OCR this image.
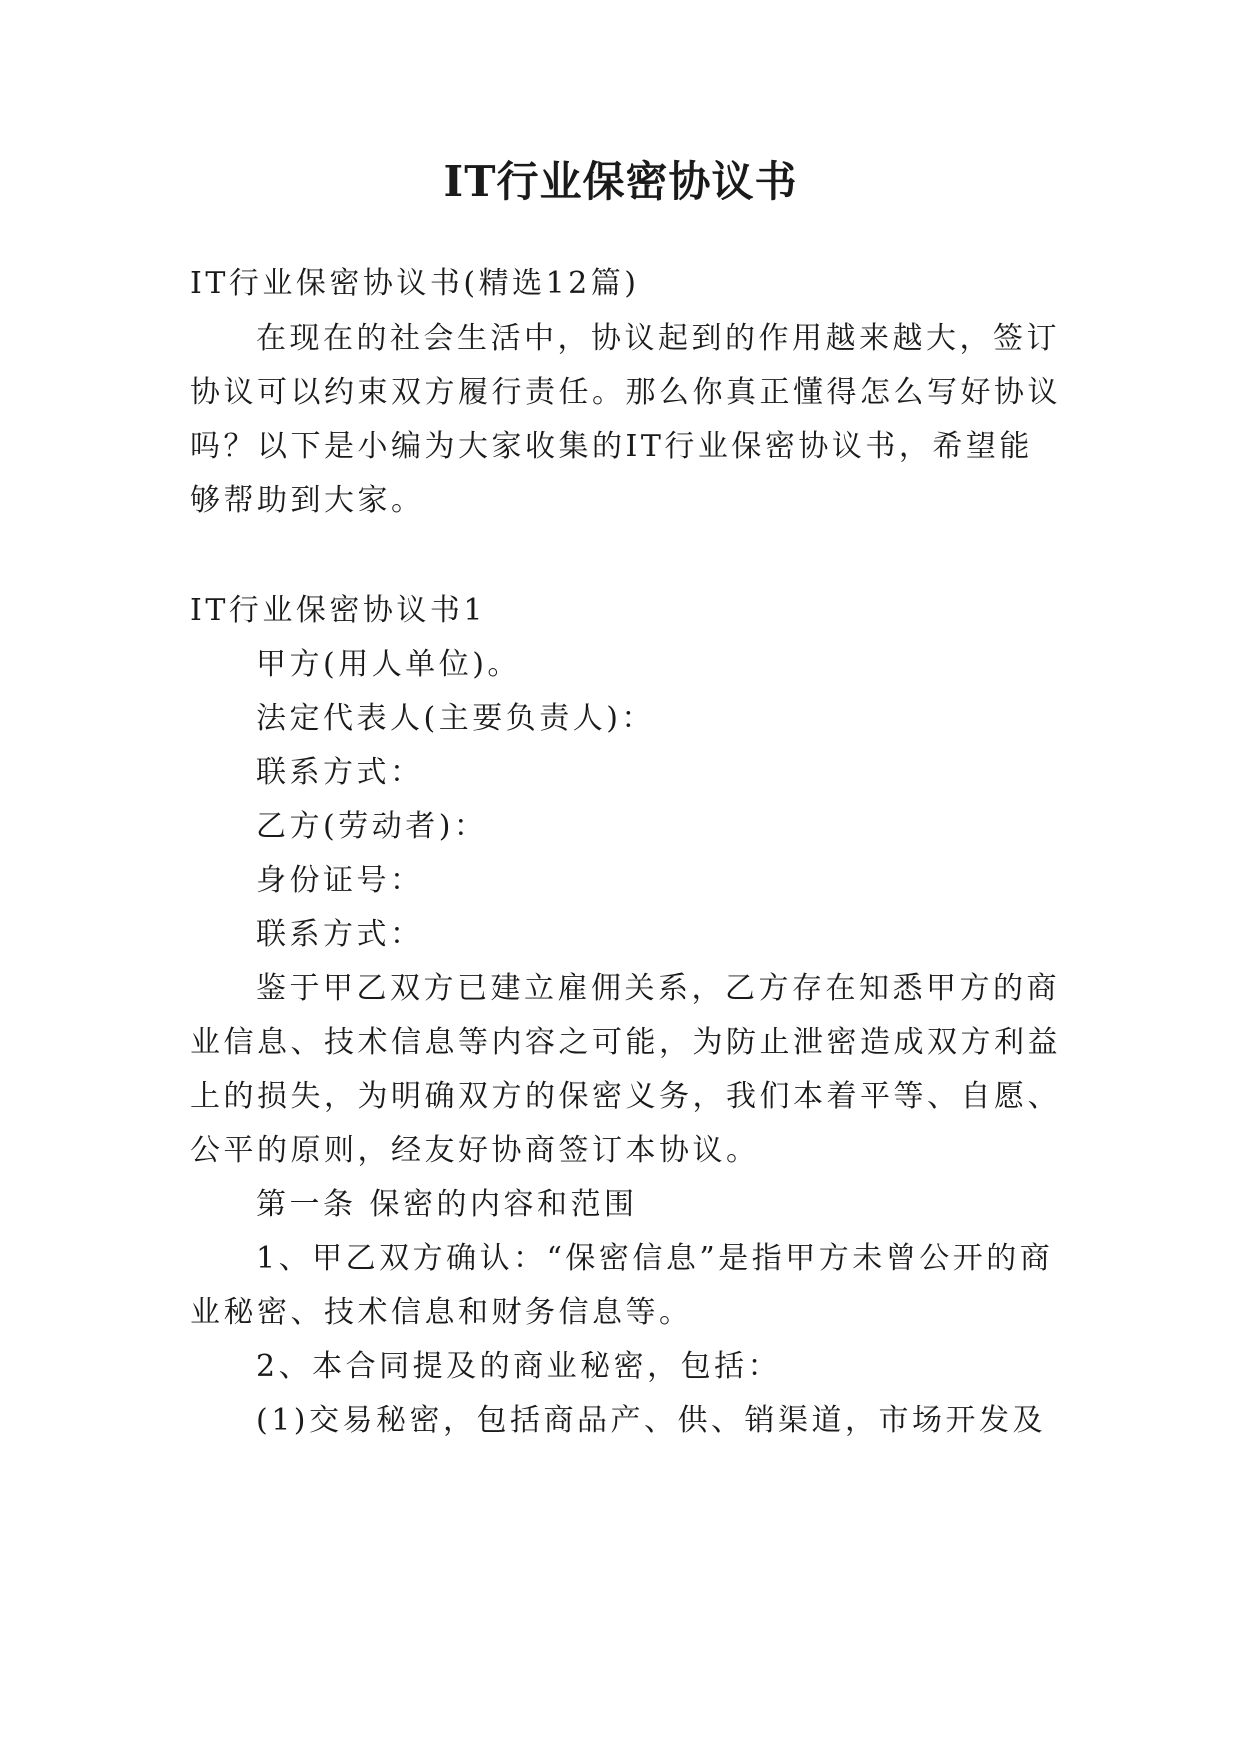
IT行业保密协议书
IT行业保密协议书(精选12篇)
在现在的社会生活中，协议起到的作用越来越大，签订
协议可以约束双方履行责任。那么你真正懂得怎么写好协议
吗？以下是小编为大家收集的IT行业保密协议书，希望能
够帮助到大家。
IT行业保密协议书1
甲方(用人单位)。
法定代表人(主要负责人)：
联系方式：
乙方(劳动者)：
身份证号：
联系方式：
鉴于甲乙双方已建立雇佣关系，乙方存在知悉甲方的商
业信息、技术信息等内容之可能，为防止泄密造成双方利益
上的损失，为明确双方的保密义务，我们本着平等、自愿、
公平的原则，经友好协商签订本协议。
第一条 保密的内容和范围
1、甲乙双方确认：“保密信息”是指甲方未曾公开的商
业秘密、技术信息和财务信息等。
2、本合同提及的商业秘密，包括：
(1)交易秘密，包括商品产、供、销渠道，市场开发及
